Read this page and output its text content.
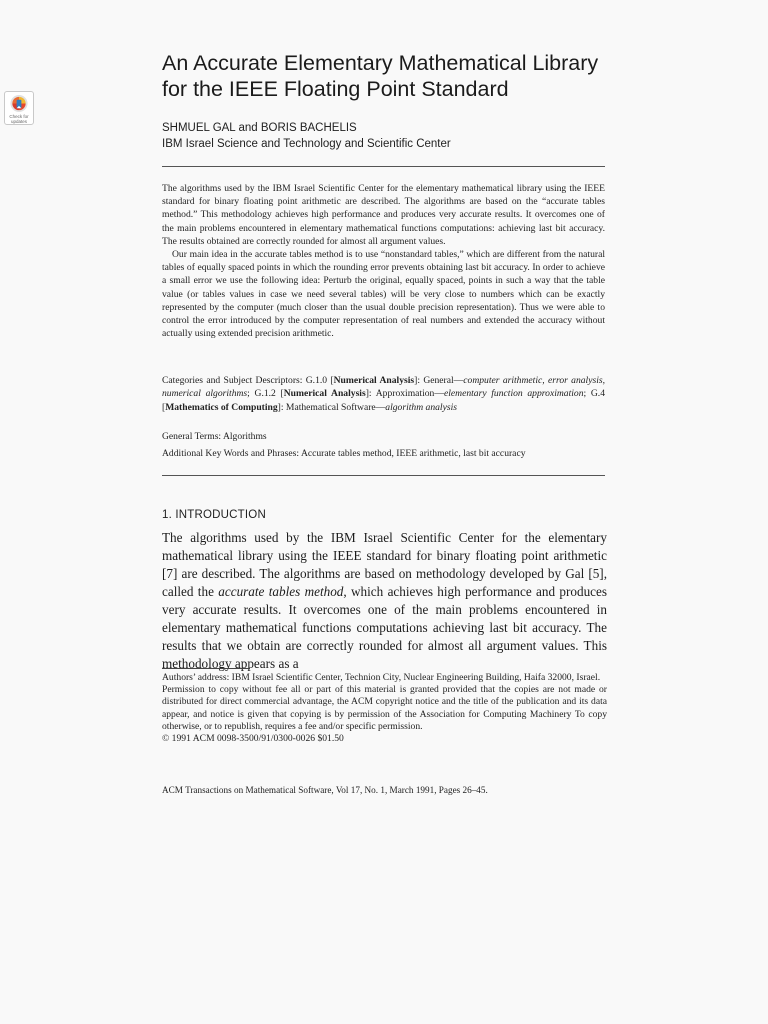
Check for updates
An Accurate Elementary Mathematical Library
for the IEEE Floating Point Standard
SHMUEL GAL and BORIS BACHELIS
IBM Israel Science and Technology and Scientific Center

The algorithms used by the IBM Israel Scientific Center for the elementary mathematical library using the IEEE standard for binary floating point arithmetic are described. The algorithms are based on the “accurate tables method.” This methodology achieves high performance and produces very accurate results. It overcomes one of the main problems encountered in elementary mathematical functions computations: achieving last bit accuracy. The results obtained are correctly rounded for almost all argument values.

Our main idea in the accurate tables method is to use “nonstandard tables,” which are different from the natural tables of equally spaced points in which the rounding error prevents obtaining last bit accuracy. In order to achieve a small error we use the following idea: Perturb the original, equally spaced, points in such a way that the table value (or tables values in case we need several tables) will be very close to numbers which can be exactly represented by the computer (much closer than the usual double precision representation). Thus we were able to control the error introduced by the computer representation of real numbers and extended the accuracy without actually using extended precision arithmetic.

Categories and Subject Descriptors: G.1.0 [Numerical Analysis]: General—computer arithmetic, error analysis, numerical algorithms; G.1.2 [Numerical Analysis]: Approximation—elementary function approximation; G.4 [Mathematics of Computing]: Mathematical Software—algorithm analysis
General Terms: Algorithms
Additional Key Words and Phrases: Accurate tables method, IEEE arithmetic, last bit accuracy
1. INTRODUCTION
The algorithms used by the IBM Israel Scientific Center for the elementary mathematical library using the IEEE standard for binary floating point arithmetic [7] are described. The algorithms are based on methodology developed by Gal [5], called the accurate tables method, which achieves high performance and produces very accurate results. It overcomes one of the main problems encountered in elementary mathematical functions computations achieving last bit accuracy. The results that we obtain are correctly rounded for almost all argument values. This methodology appears as a

Authors’ address: IBM Israel Scientific Center, Technion City, Nuclear Engineering Building, Haifa 32000, Israel.

Permission to copy without fee all or part of this material is granted provided that the copies are not made or distributed for direct commercial advantage, the ACM copyright notice and the title of the publication and its data appear, and notice is given that copying is by permission of the Association for Computing Machinery To copy otherwise, or to republish, requires a fee and/or specific permission.

© 1991 ACM 0098-3500/91/0300-0026 $01.50

ACM Transactions on Mathematical Software, Vol 17, No. 1, March 1991, Pages 26–45.
